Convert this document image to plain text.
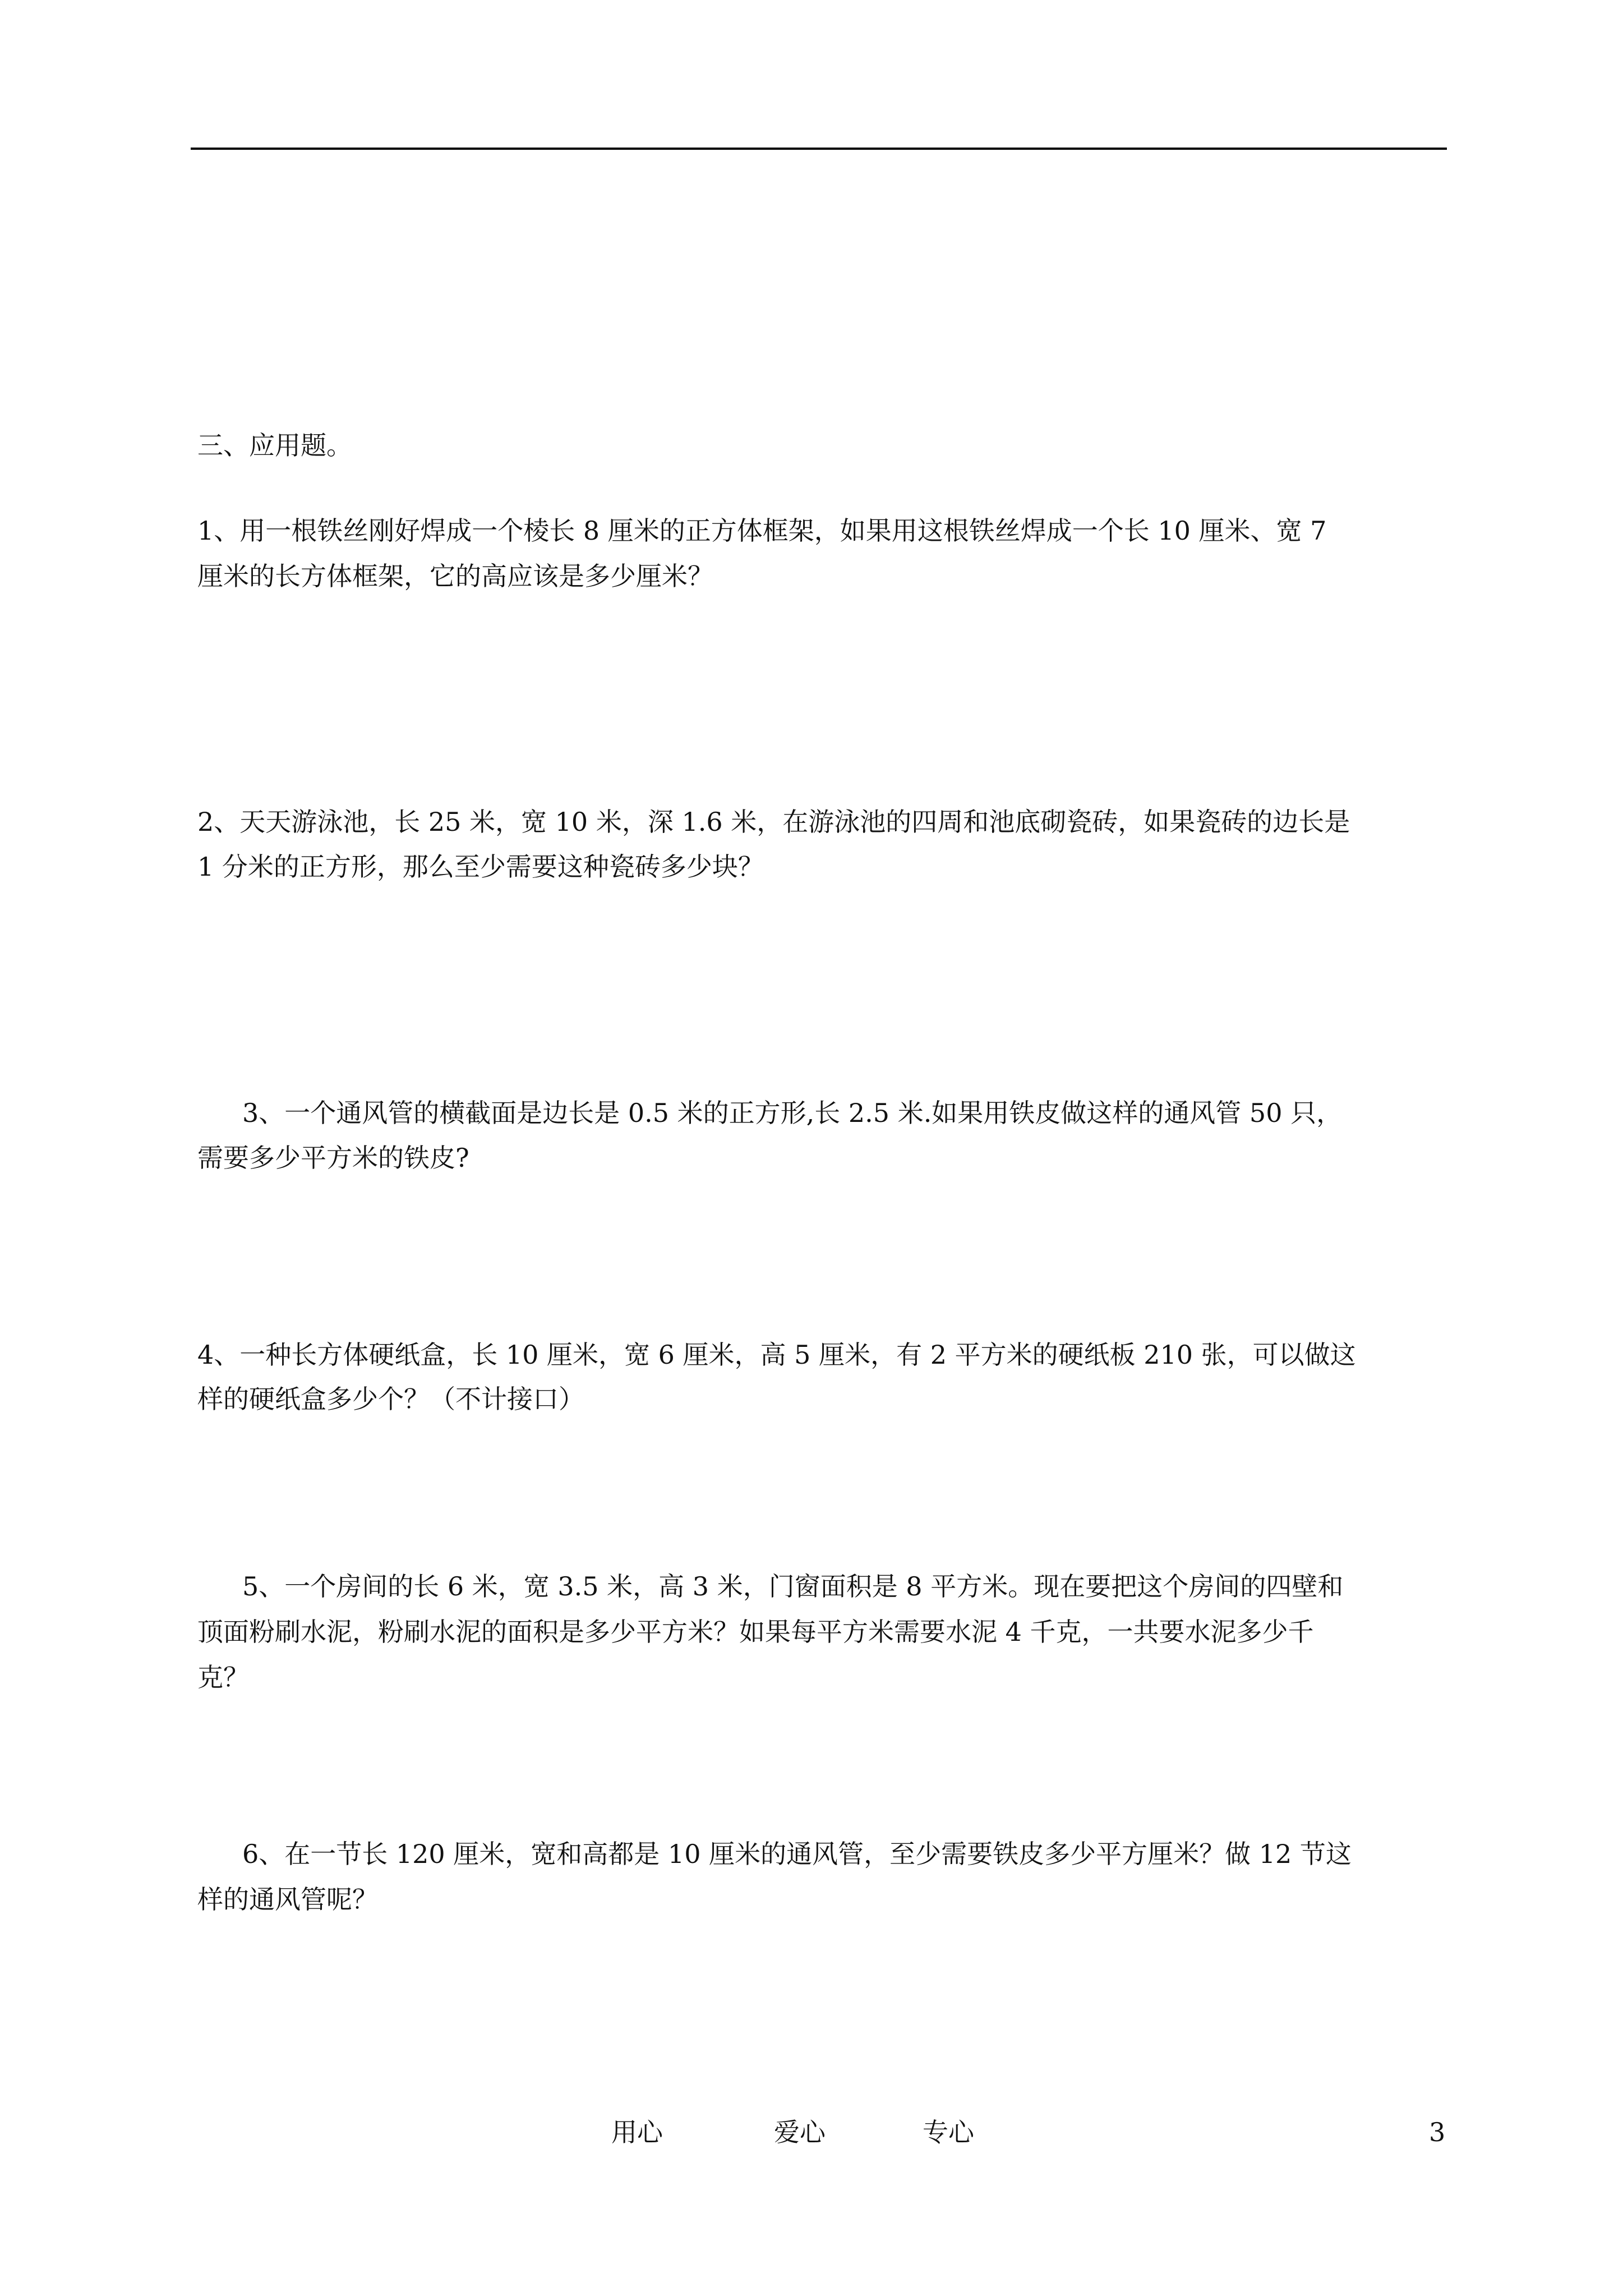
三、应用题。
1、用一根铁丝刚好焊成一个棱长 8 厘米的正方体框架，如果用这根铁丝焊成一个长 10 厘米、宽 7
厘米的长方体框架，它的高应该是多少厘米？
2、天天游泳池，长 25 米，宽 10 米，深 1.6 米，在游泳池的四周和池底砌瓷砖，如果瓷砖的边长是
1 分米的正方形，那么至少需要这种瓷砖多少块？
3、一个通风管的横截面是边长是 0.5 米的正方形,长 2.5 米.如果用铁皮做这样的通风管 50 只，
需要多少平方米的铁皮?
4、一种长方体硬纸盒，长 10 厘米，宽 6 厘米，高 5 厘米，有 2 平方米的硬纸板 210 张，可以做这
样的硬纸盒多少个？（不计接口）
5、一个房间的长 6 米，宽 3.5 米，高 3 米，门窗面积是 8 平方米。现在要把这个房间的四壁和
顶面粉刷水泥，粉刷水泥的面积是多少平方米？如果每平方米需要水泥 4 千克，一共要水泥多少千
克？
6、在一节长 120 厘米，宽和高都是 10 厘米的通风管，至少需要铁皮多少平方厘米？做 12 节这
样的通风管呢？
用心	爱心	专心	3
